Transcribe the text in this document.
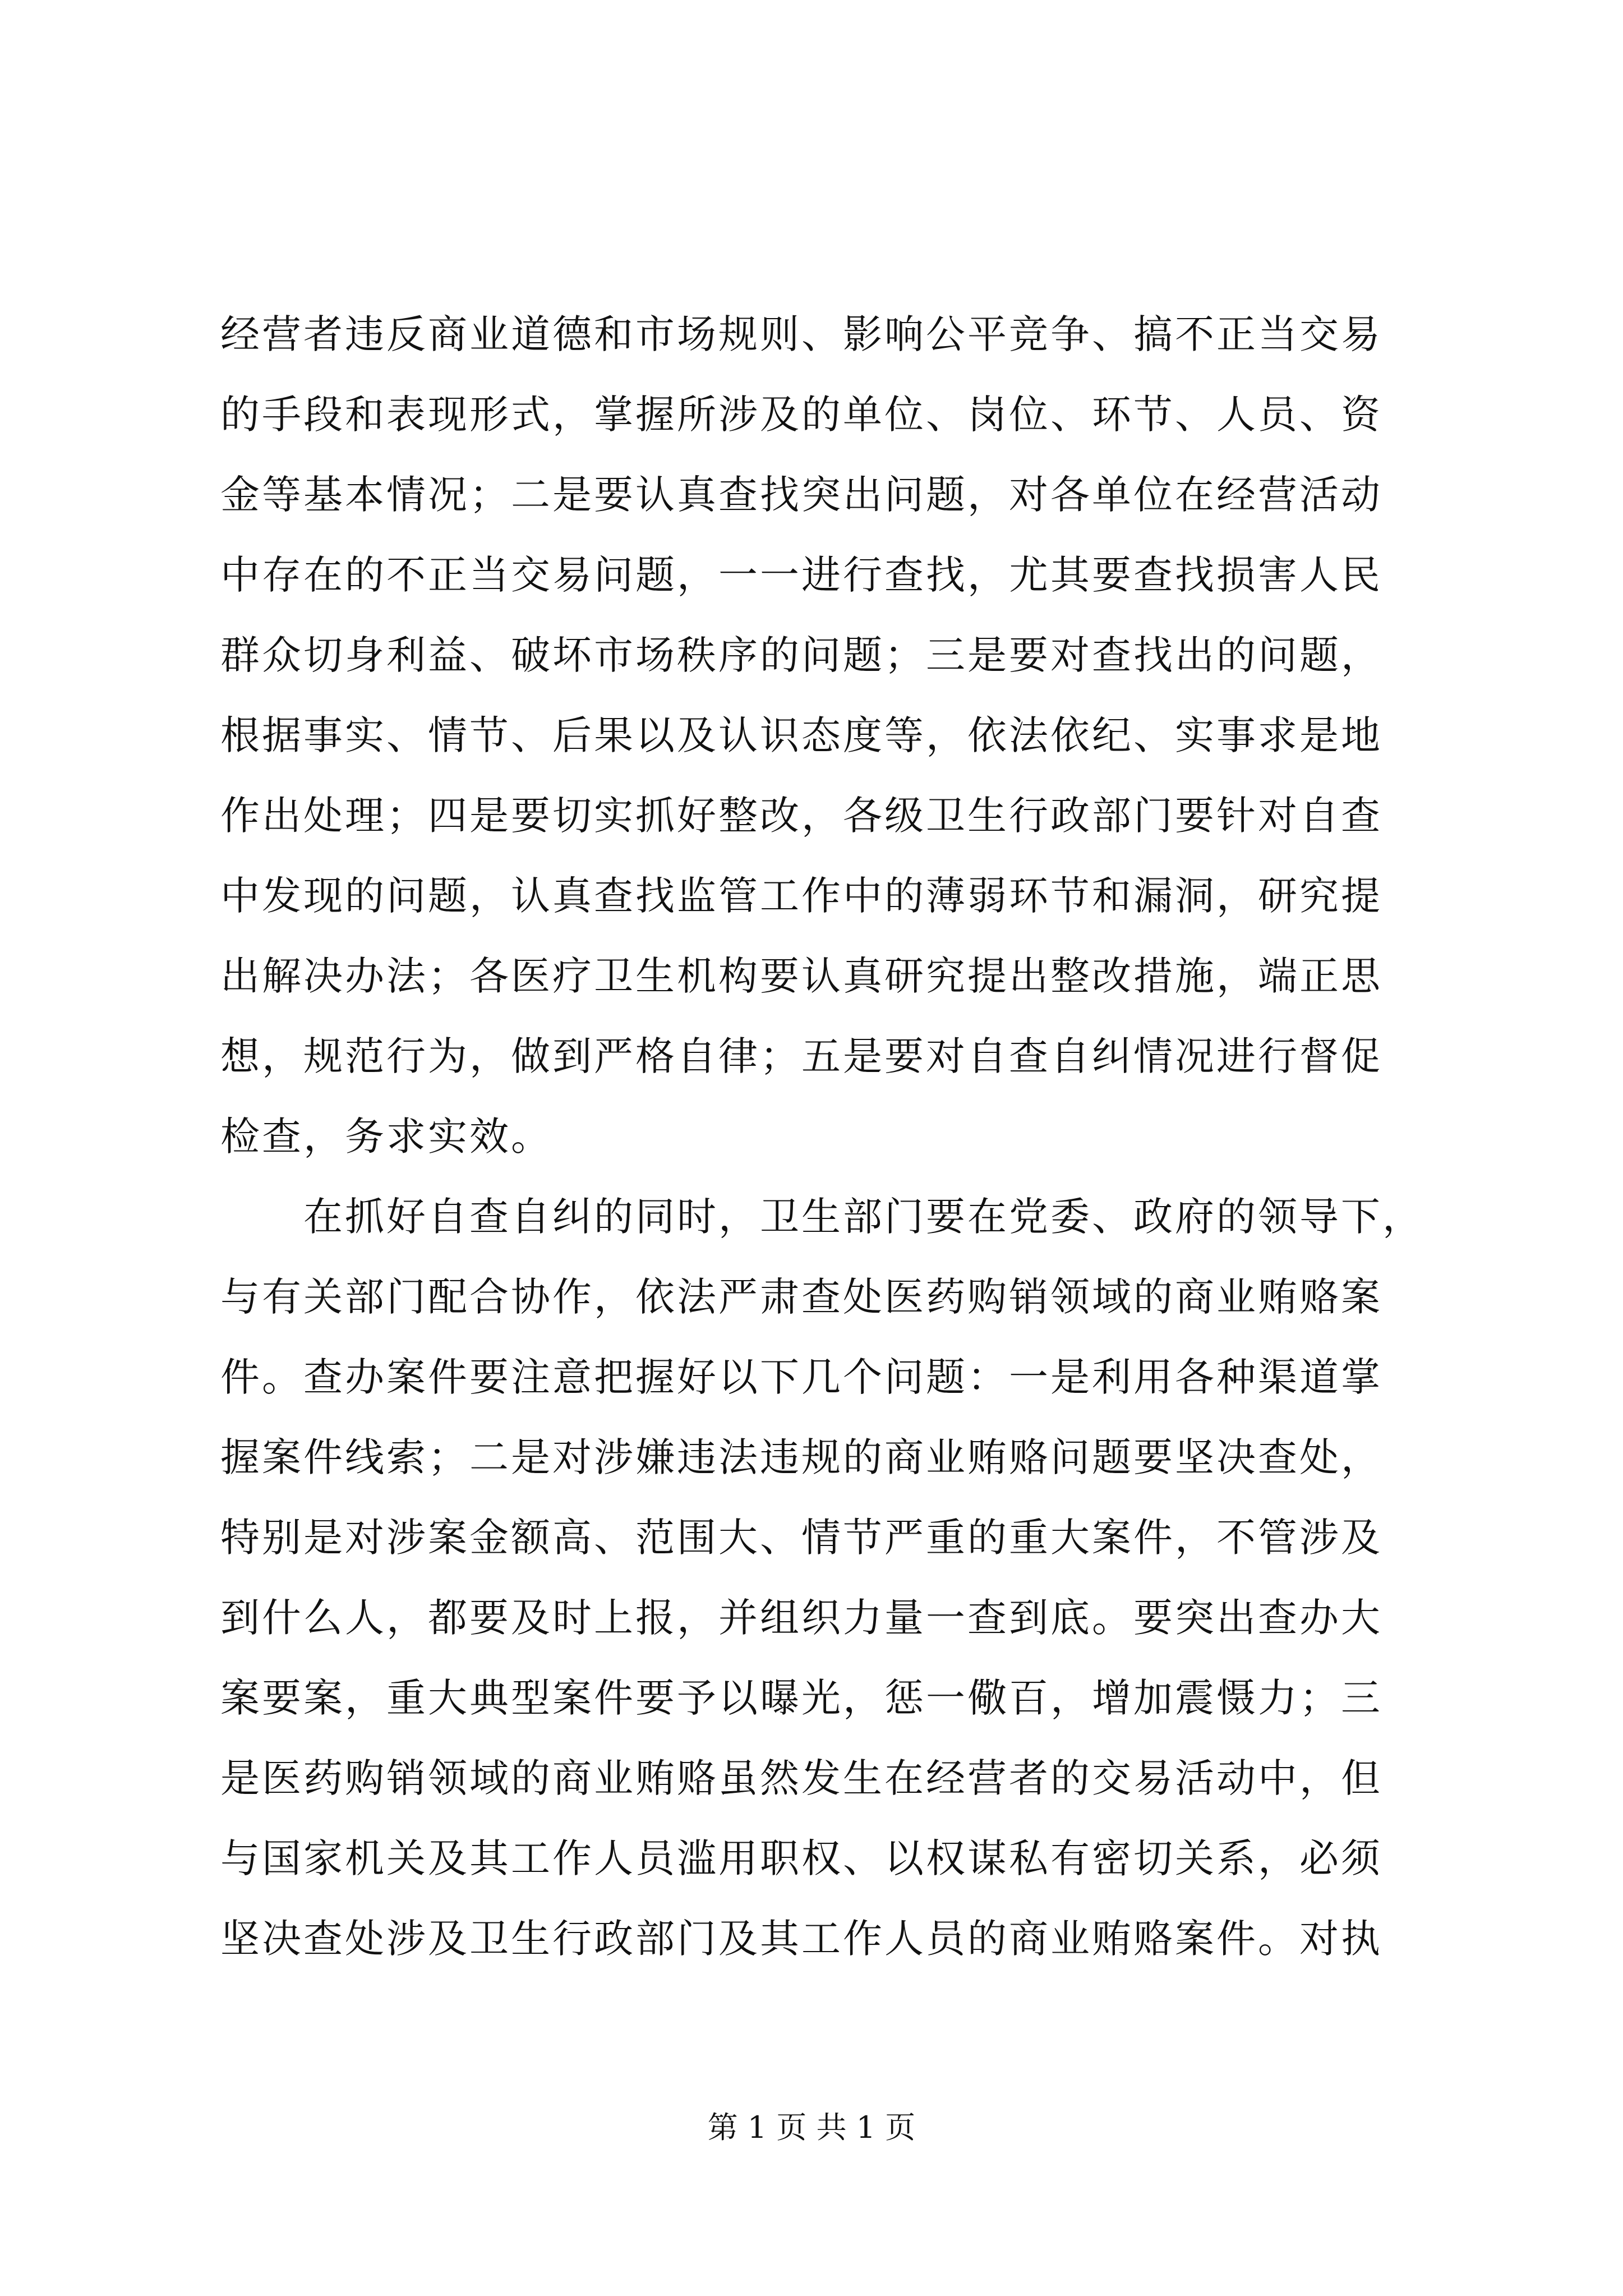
经营者违反商业道德和市场规则、影响公平竞争、搞不正当交易
的手段和表现形式，掌握所涉及的单位、岗位、环节、人员、资
金等基本情况；二是要认真查找突出问题，对各单位在经营活动
中存在的不正当交易问题，一一进行查找，尤其要查找损害人民
群众切身利益、破坏市场秩序的问题；三是要对查找出的问题，
根据事实、情节、后果以及认识态度等，依法依纪、实事求是地
作出处理；四是要切实抓好整改，各级卫生行政部门要针对自查
中发现的问题，认真查找监管工作中的薄弱环节和漏洞，研究提
出解决办法；各医疗卫生机构要认真研究提出整改措施，端正思
想，规范行为，做到严格自律；五是要对自查自纠情况进行督促
检查，务求实效。
在抓好自查自纠的同时，卫生部门要在党委、政府的领导下，
与有关部门配合协作，依法严肃查处医药购销领域的商业贿赂案
件。查办案件要注意把握好以下几个问题：一是利用各种渠道掌
握案件线索；二是对涉嫌违法违规的商业贿赂问题要坚决查处，
特别是对涉案金额高、范围大、情节严重的重大案件，不管涉及
到什么人，都要及时上报，并组织力量一查到底。要突出查办大
案要案，重大典型案件要予以曝光，惩一儆百，增加震慑力；三
是医药购销领域的商业贿赂虽然发生在经营者的交易活动中，但
与国家机关及其工作人员滥用职权、以权谋私有密切关系，必须
坚决查处涉及卫生行政部门及其工作人员的商业贿赂案件。对执
第 1 页 共 1 页
